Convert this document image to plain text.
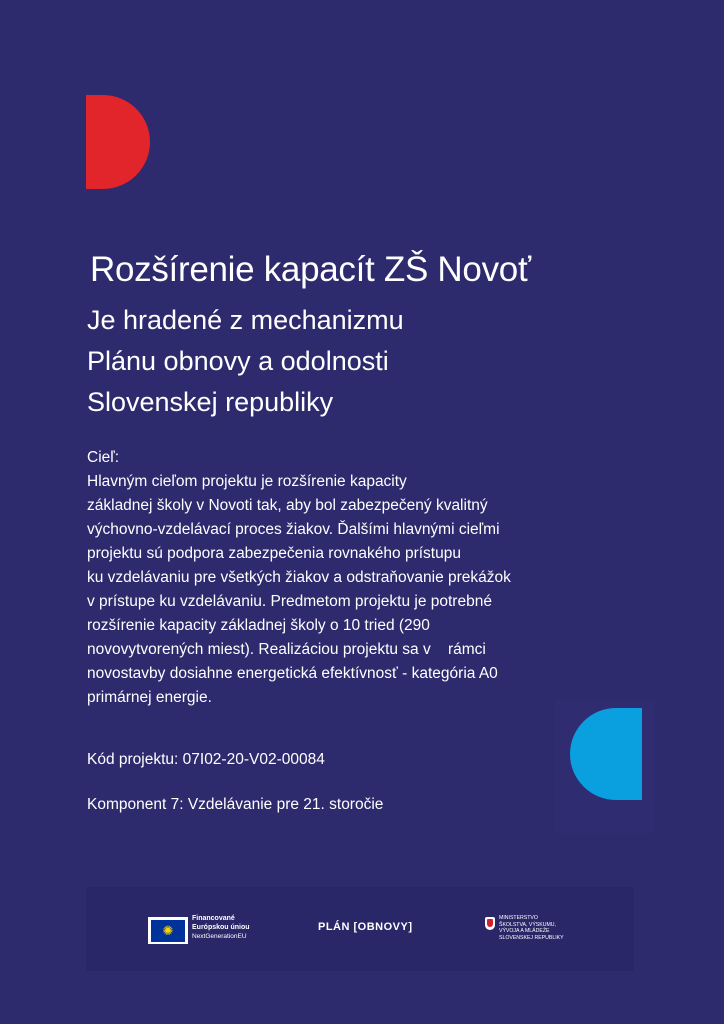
Rozšírenie kapacít ZŠ Novoť
Je hradené z mechanizmu
Plánu obnovy a odolnosti
Slovenskej republiky
Cieľ:
Hlavným cieľom projektu je rozšírenie kapacity
základnej školy v Novoti tak, aby bol zabezpečený kvalitný
výchovno-vzdelávací proces žiakov. Ďalšími hlavnými cieľmi
projektu sú podpora zabezpečenia rovnakého prístupu
ku vzdelávaniu pre všetkých žiakov a odstraňovanie prekážok
v prístupe ku vzdelávaniu. Predmetom projektu je potrebné
rozšírenie kapacity základnej školy o 10 tried (290
novovytvorených miest). Realizáciou projektu sa v    rámci
novostavby dosiahne energetická efektívnosť - kategória A0
primárnej energie.
Kód projektu: 07I02-20-V02-00084
Komponent 7: Vzdelávanie pre 21. storočie
✺
Financované
Európskou úniou
NextGenerationEU
PLÁN [OBNOVY]
MINISTERSTVO
ŠKOLSTVA, VÝSKUMU,
VÝVOJA A MLÁDEŽE
SLOVENSKEJ REPUBLIKY
